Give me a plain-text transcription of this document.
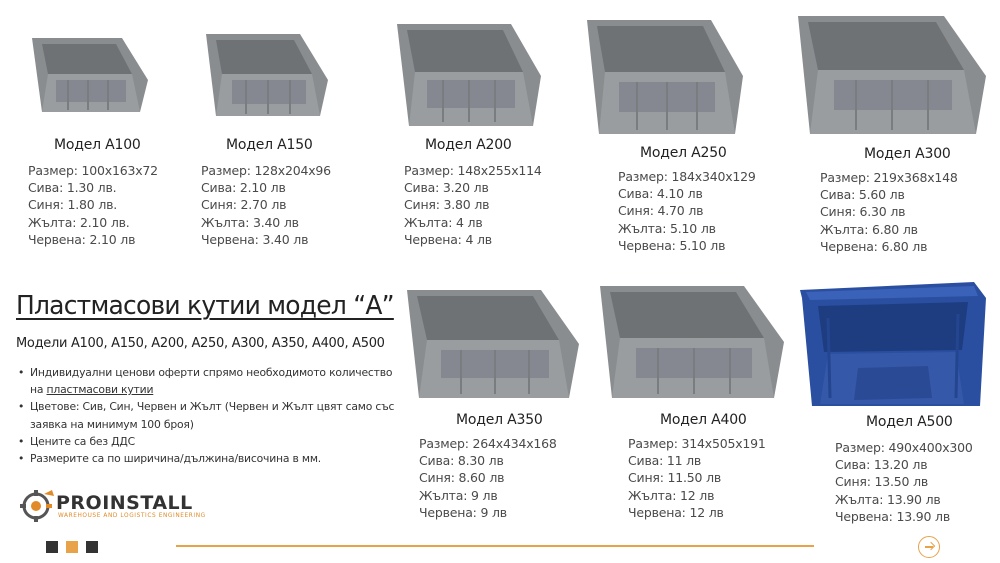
Модел A100
Размер: 100x163x72
Сива: 1.30 лв.
Синя: 1.80 лв.
Жълта: 2.10 лв.
Червена: 2.10 лв
Модел A150
Размер: 128x204x96
Сива: 2.10 лв
Синя: 2.70 лв
Жълта: 3.40 лв
Червена: 3.40 лв
Модел A200
Размер: 148x255x114
Сива: 3.20 лв
Синя: 3.80 лв
Жълта: 4 лв
Червена: 4 лв
Модел A250
Размер: 184x340x129
Сива: 4.10 лв
Синя: 4.70 лв
Жълта: 5.10 лв
Червена: 5.10 лв
Модел A300
Размер: 219x368x148
Сива: 5.60 лв
Синя: 6.30 лв
Жълта: 6.80 лв
Червена: 6.80 лв
Пластмасови кутии модел “А”
Модели A100, A150, A200, A250, A300, A350, A400, A500
• Индивидуални ценови оферти спрямо необходимото количество на пластмасови кутии
• Цветове: Сив, Син, Червен и Жълт (Червен и Жълт цвят само със заявка на минимум 100 броя)
• Цените са без ДДС
• Размерите са по ширичина/дължина/височина в мм.
Модел A350
Размер: 264x434x168
Сива: 8.30 лв
Синя: 8.60 лв
Жълта: 9 лв
Червена: 9 лв
Модел A400
Размер: 314x505x191
Сива: 11 лв
Синя: 11.50 лв
Жълта: 12 лв
Червена: 12 лв
Модел A500
Размер: 490x400x300
Сива: 13.20 лв
Синя: 13.50 лв
Жълта: 13.90 лв
Червена: 13.90 лв
PROINSTALL
WAREHOUSE AND LOGISTICS ENGINEERING
